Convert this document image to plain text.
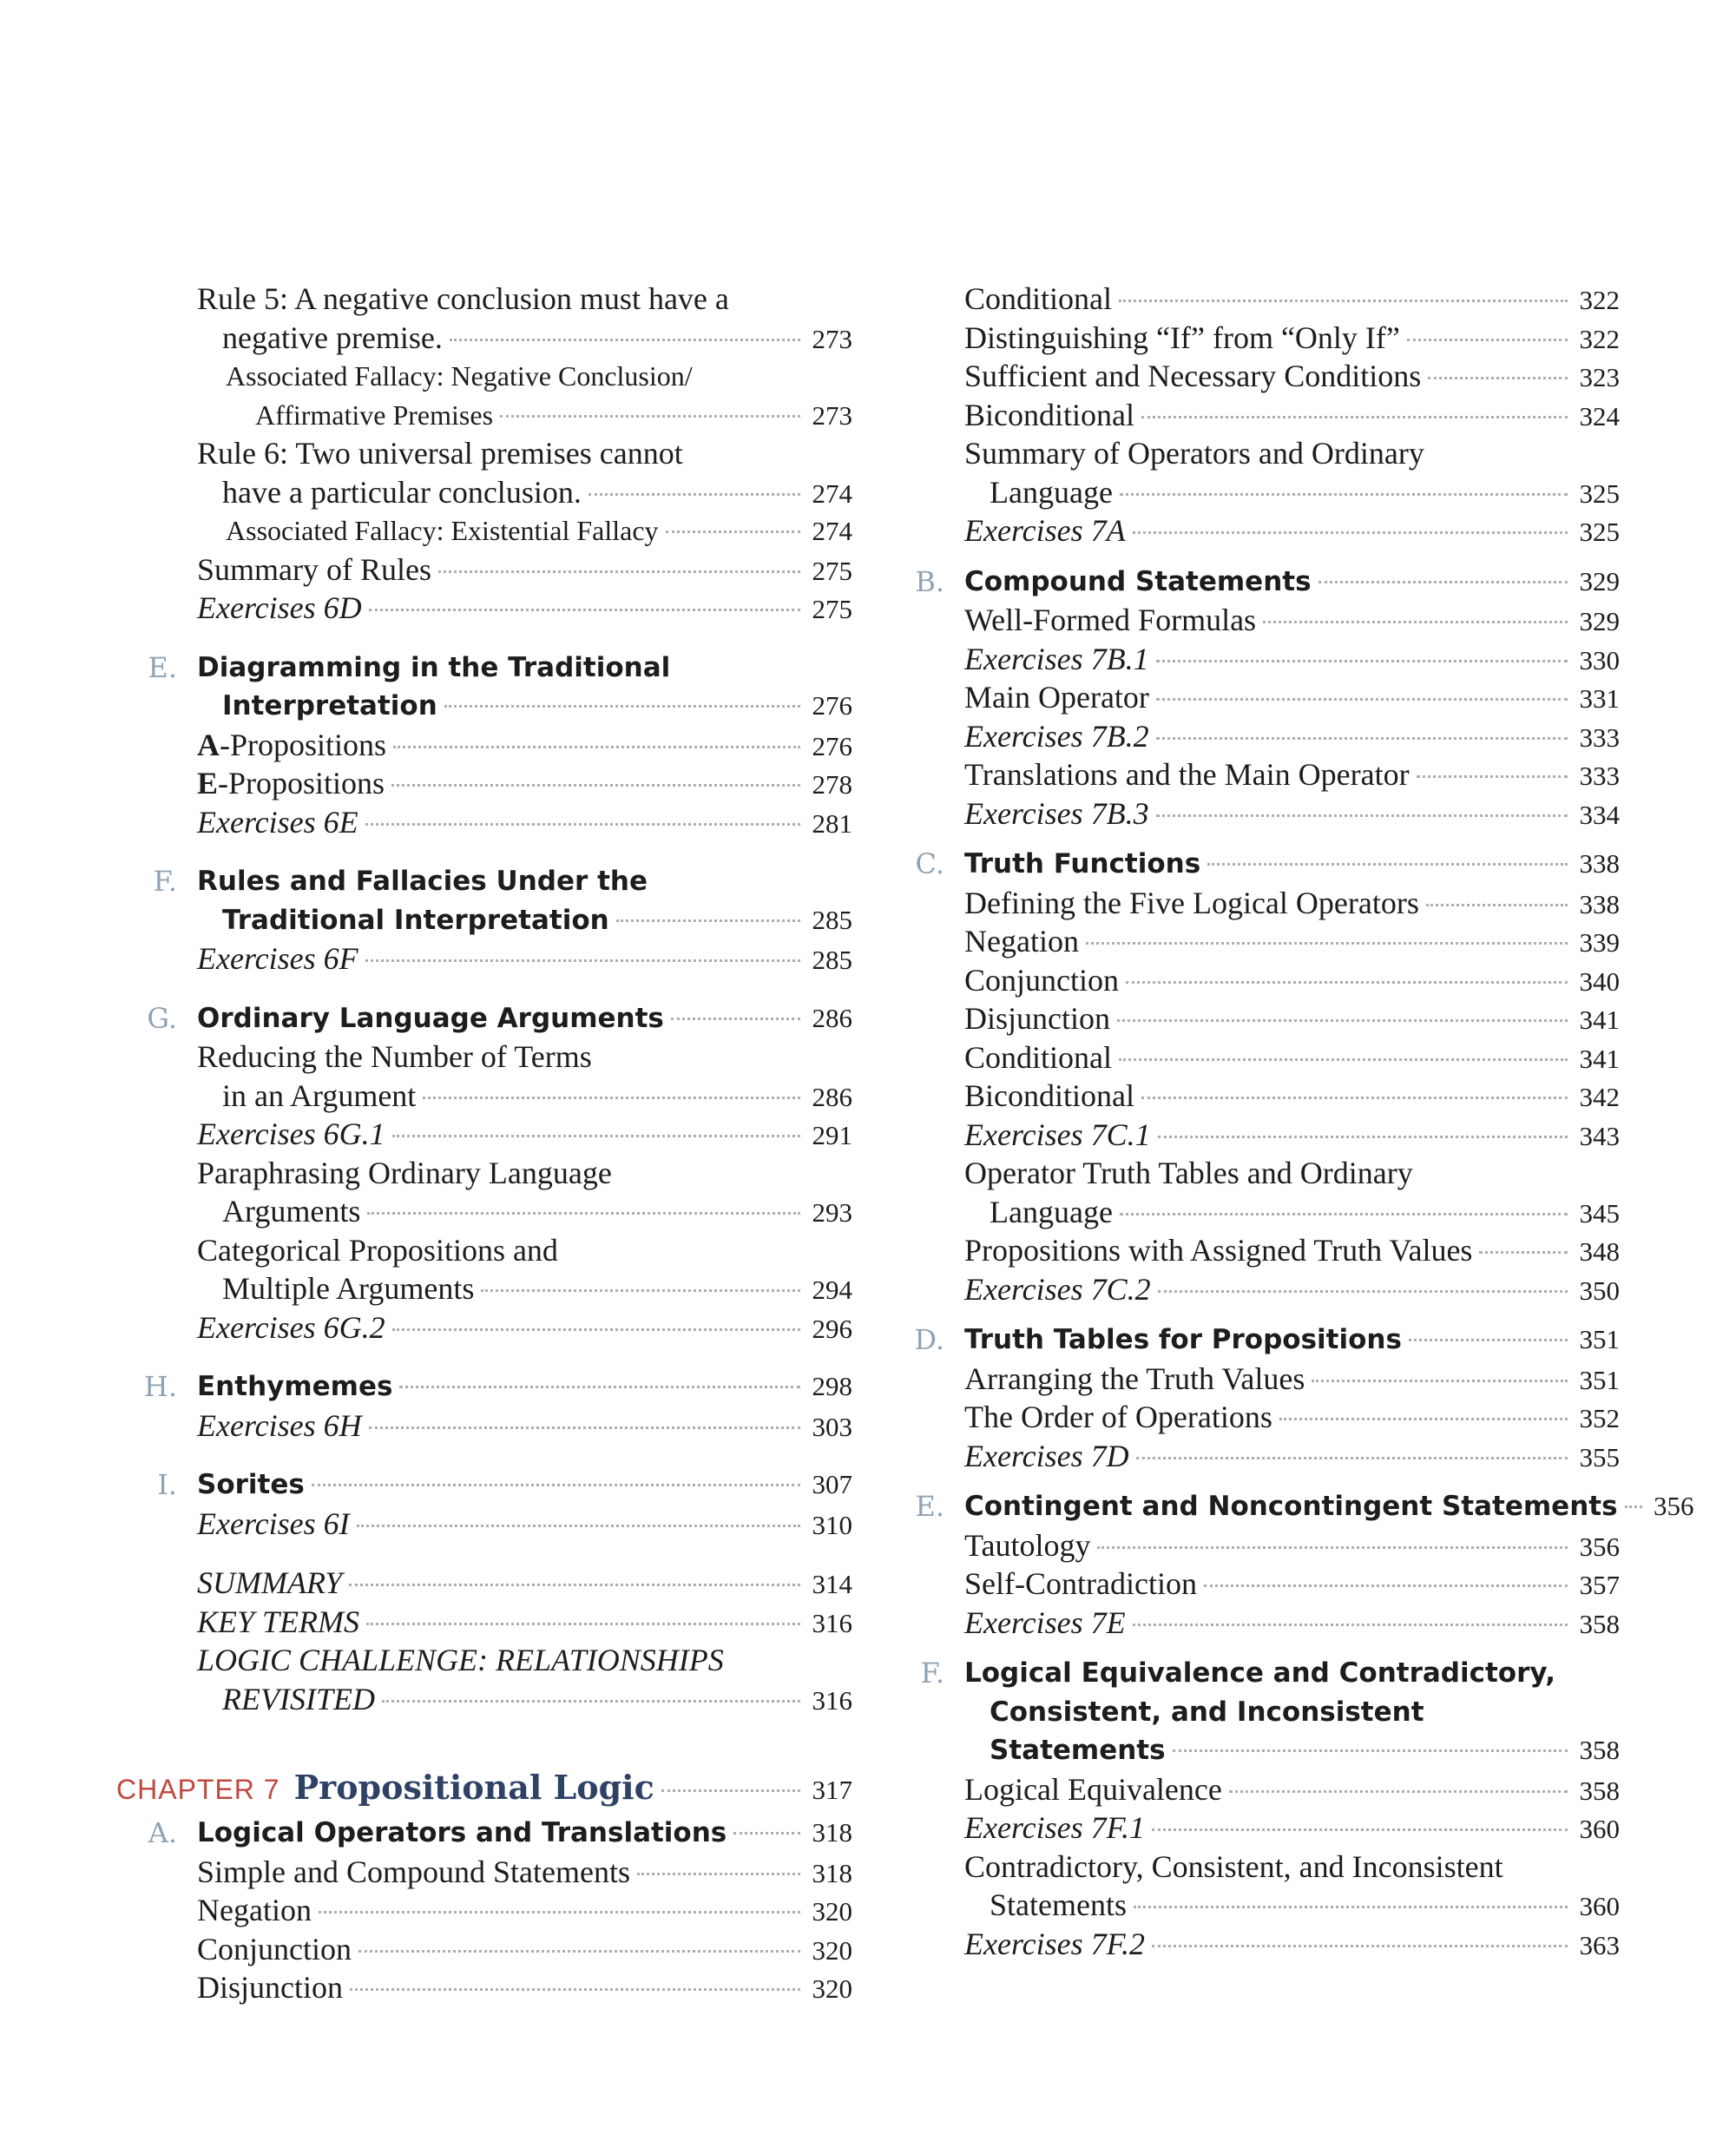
Rule 5: A negative conclusion must have a
negative premise.	273
Associated Fallacy: Negative Conclusion/
Affirmative Premises	273
Rule 6: Two universal premises cannot
have a particular conclusion.	274
Associated Fallacy: Existential Fallacy	274
Summary of Rules	275
Exercises 6D	275
E. Diagramming in the Traditional
Interpretation	276
A-Propositions	276
E-Propositions	278
Exercises 6E	281
F. Rules and Fallacies Under the
Traditional Interpretation	285
Exercises 6F	285
G. Ordinary Language Arguments	286
Reducing the Number of Terms
in an Argument	286
Exercises 6G.1	291
Paraphrasing Ordinary Language
Arguments	293
Categorical Propositions and
Multiple Arguments	294
Exercises 6G.2	296
H. Enthymemes	298
Exercises 6H	303
I. Sorites	307
Exercises 6I	310
SUMMARY	314
KEY TERMS	316
LOGIC CHALLENGE: RELATIONSHIPS
REVISITED	316
CHAPTER 7 Propositional Logic	317
A. Logical Operators and Translations	318
Simple and Compound Statements	318
Negation	320
Conjunction	320
Disjunction	320
Conditional	322
Distinguishing “If” from “Only If”	322
Sufficient and Necessary Conditions	323
Biconditional	324
Summary of Operators and Ordinary
Language	325
Exercises 7A	325
B. Compound Statements	329
Well-Formed Formulas	329
Exercises 7B.1	330
Main Operator	331
Exercises 7B.2	333
Translations and the Main Operator	333
Exercises 7B.3	334
C. Truth Functions	338
Defining the Five Logical Operators	338
Negation	339
Conjunction	340
Disjunction	341
Conditional	341
Biconditional	342
Exercises 7C.1	343
Operator Truth Tables and Ordinary
Language	345
Propositions with Assigned Truth Values	348
Exercises 7C.2	350
D. Truth Tables for Propositions	351
Arranging the Truth Values	351
The Order of Operations	352
Exercises 7D	355
E. Contingent and Noncontingent Statements 356
Tautology	356
Self-Contradiction	357
Exercises 7E	358
F. Logical Equivalence and Contradictory,
Consistent, and Inconsistent
Statements	358
Logical Equivalence	358
Exercises 7F.1	360
Contradictory, Consistent, and Inconsistent
Statements	360
Exercises 7F.2	363
